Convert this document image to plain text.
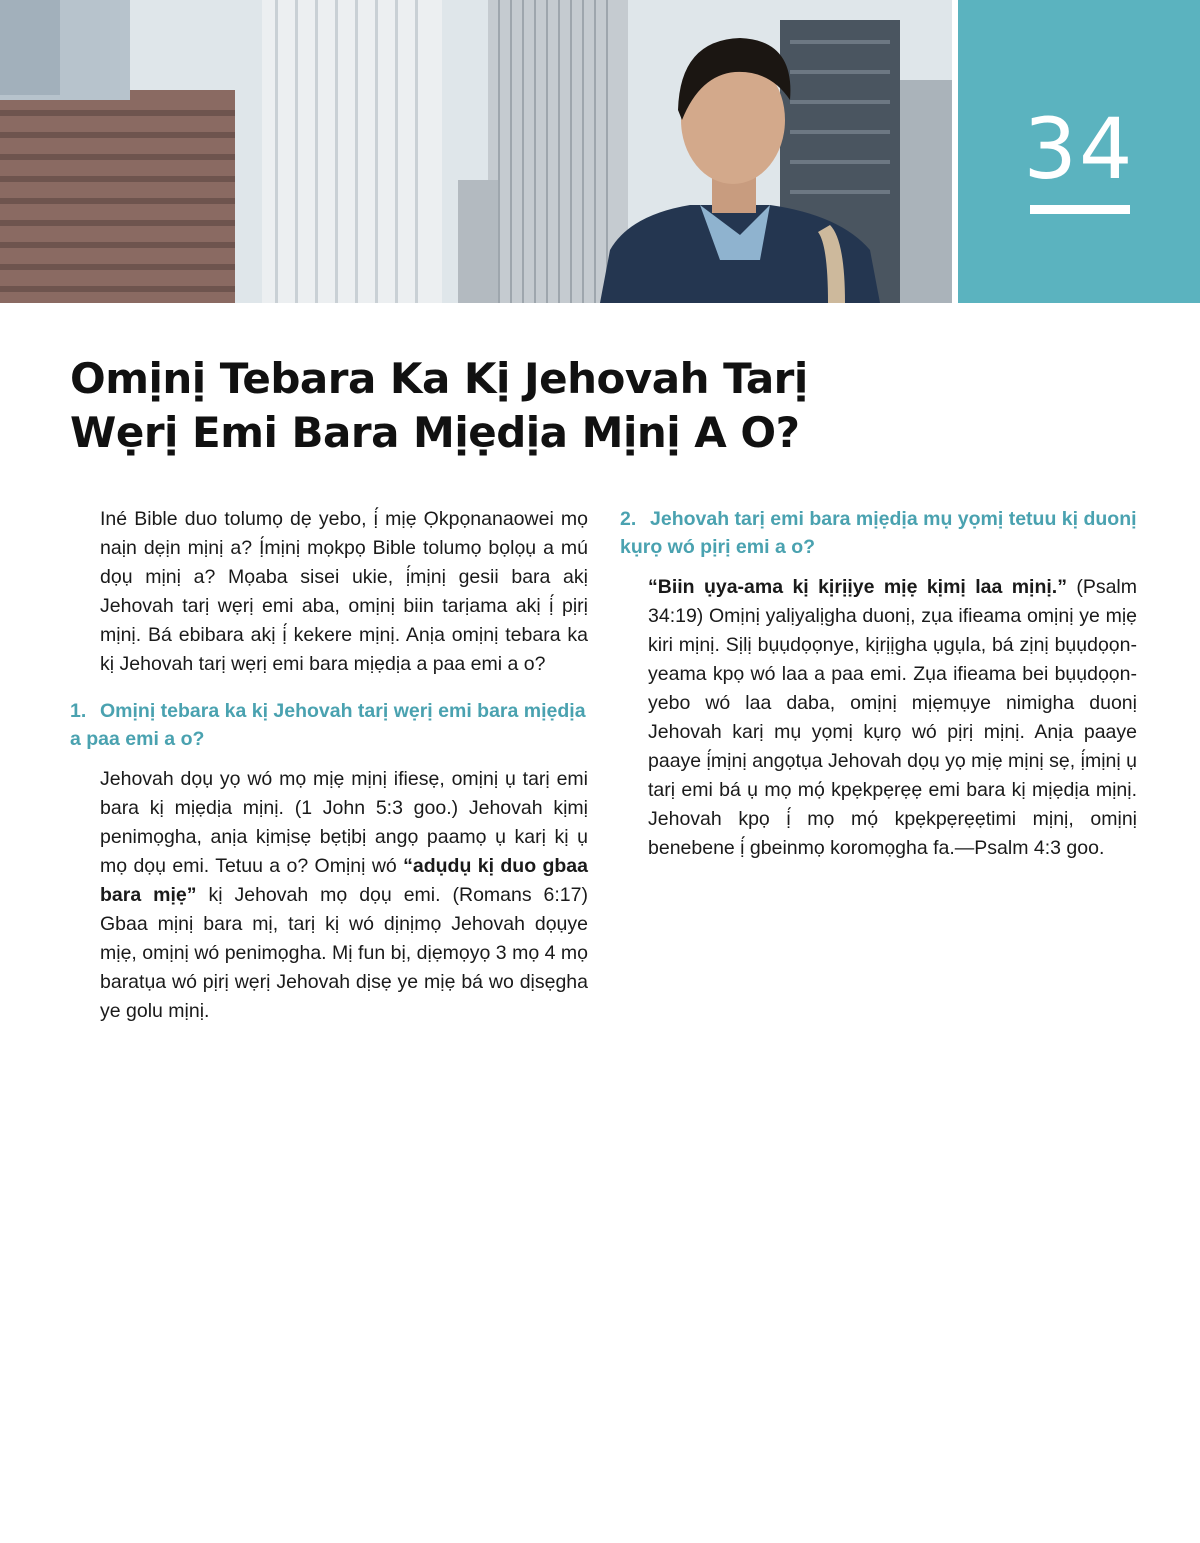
34
Omịnị Tebara Ka Kị Jehovah Tarị
Wẹrị Emi Bara Mịẹdịa Mịnị A O?

Iné Bible duo tolumọ dẹ yebo, ị́ mịẹ Ọkpọnanaowei mọ naịn dẹịn mịnị a? Ị́mịnị mọkpọ Bible tolumọ bọlọụ a mú dọụ mịnị a? Mọaba sisei ukie, ị́mịnị gesii bara akị Jehovah tarị wẹrị emi aba, omịnị biin tarịama akị ị́ pịrị mịnị. Bá ebibara akị ị́ kekere mịnị. Anịa omịnị tebara ka kị Jehovah tarị wẹrị emi bara mịẹdịa a paa emi a o?

1. Omịnị tebara ka kị Jehovah tarị wẹrị emi bara mịẹdịa a paa emi a o?

Jehovah dọụ yọ wó mọ mịẹ mịnị ifiesẹ, omịnị ụ tarị emi bara kị mịẹdịa mịnị. (1 John 5:3 goo.) Jehovah kịmị penimọgha, anịa kịmịsẹ bẹtịbị angọ paamọ ụ karị kị ụ mọ dọụ emi. Tetuu a o? Omịnị wó “adụdụ kị duo gbaa bara mịẹ” kị Jehovah mọ dọụ emi. (Romans 6:17) Gbaa mịnị bara mị, tarị kị wó dịnịmọ Jehovah dọụye mịẹ, omịnị wó penimọgha. Mị fun bị, dịẹmọyọ 3 mọ 4 mọ baratụa wó pịrị wẹrị Jehovah dịsẹ ye mịẹ bá wo dịsẹgha ye golu mịnị.

2. Jehovah tarị emi bara mịẹdịa mụ yọmị tetuu kị duonị kụrọ wó pịrị emi a o?

“Biin ụya-ama kị kịrịịye mịẹ kịmị laa mịnị.” (Psalm 34:19) Omịnị yalịyalịgha duonị, zụa ifieama omịnị ye mịẹ kiri mịnị. Sịlị bụụdọọnye, kịrịịgha ụgụla, bá zịnị bụụdọọn-yeama kpọ wó laa a paa emi. Zụa ifieama bei bụụdọọn-yebo wó laa daba, omịnị mịẹmụye nimigha duonị Jehovah karị mụ yọmị kụrọ wó pịrị mịnị. Anịa paaye paaye ị́mịnị angọtụa Jehovah dọụ yọ mịẹ mịnị sẹ, ị́mịnị ụ tarị emi bá ụ mọ mọ́ kpẹkpẹrẹẹ emi bara kị mịẹdịa mịnị. Jehovah kpọ ị́ mọ mọ́ kpẹkpẹrẹẹtimi mịnị, omịnị benebene ị́ gbeinmọ koromọgha fa.—Psalm 4:3 goo.
